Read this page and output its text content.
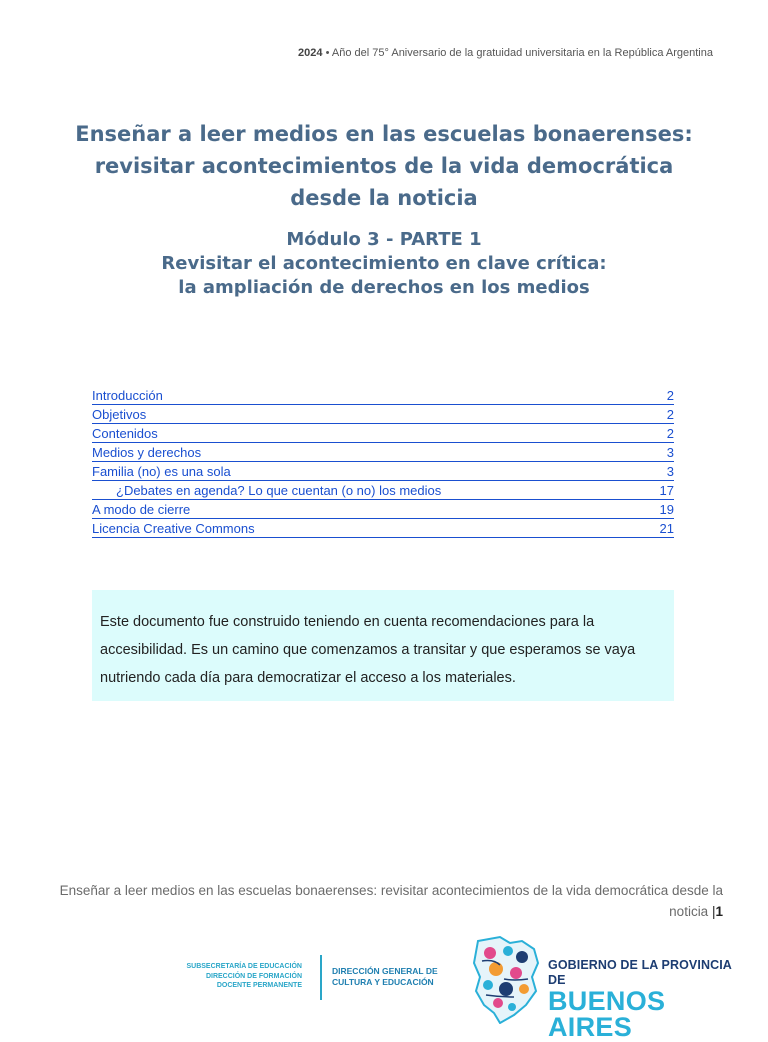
2024 • Año del 75° Aniversario de la gratuidad universitaria en la República Argentina
Enseñar a leer medios en las escuelas bonaerenses:
revisitar acontecimientos de la vida democrática
desde la noticia
Módulo 3 - PARTE 1
Revisitar el acontecimiento en clave crítica:
la ampliación de derechos en los medios
Introducción	2
Objetivos	2
Contenidos	2
Medios y derechos	3
Familia (no) es una sola	3
¿Debates en agenda? Lo que cuentan (o no) los medios	17
A modo de cierre	19
Licencia Creative Commons	21
Este documento fue construido teniendo en cuenta recomendaciones para la accesibilidad. Es un camino que comenzamos a transitar y que esperamos se vaya nutriendo cada día para democratizar el acceso a los materiales.
Enseñar a leer medios en las escuelas bonaerenses: revisitar acontecimientos de la vida democrática desde la
noticia |1
SUBSECRETARÍA DE EDUCACIÓN
DIRECCIÓN DE FORMACIÓN
DOCENTE PERMANENTE
DIRECCIÓN GENERAL DE
CULTURA Y EDUCACIÓN
GOBIERNO DE LA PROVINCIA DE
BUENOS AIRES
